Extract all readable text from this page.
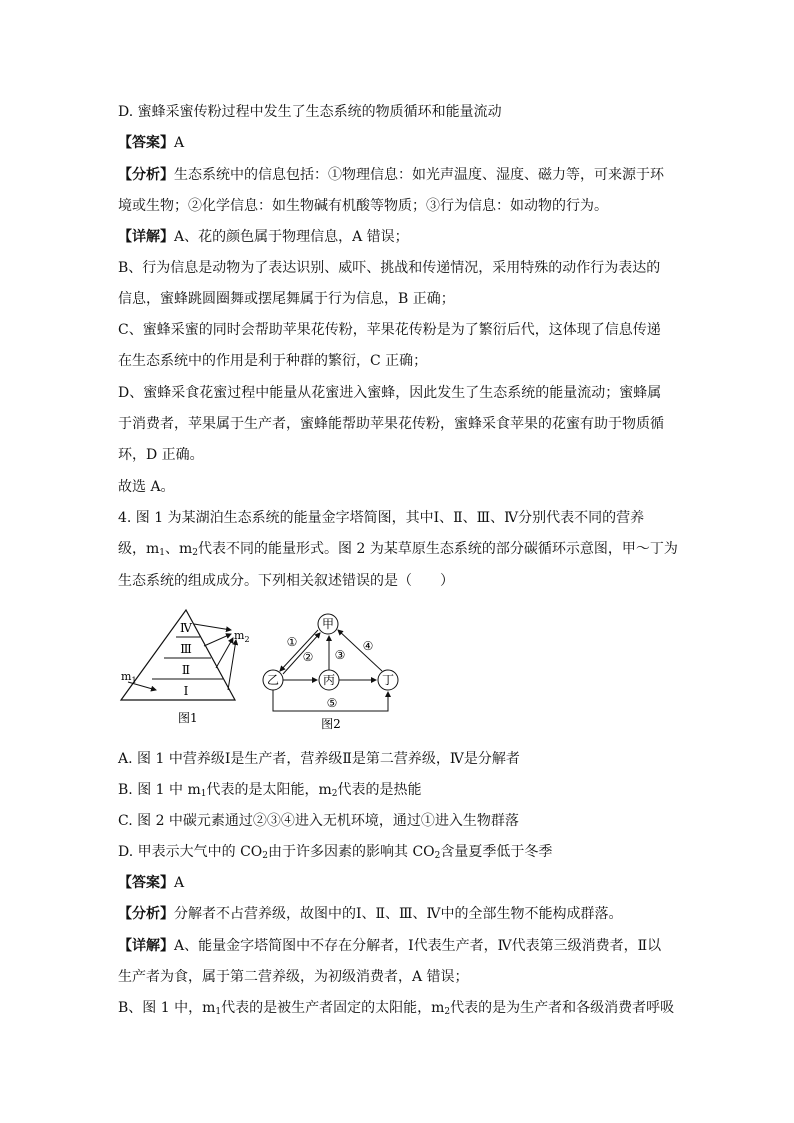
D. 蜜蜂采蜜传粉过程中发生了生态系统的物质循环和能量流动
【答案】A
【分析】生态系统中的信息包括：①物理信息：如光声温度、湿度、磁力等，可来源于环
境或生物；②化学信息：如生物碱有机酸等物质；③行为信息：如动物的行为。
【详解】A、花的颜色属于物理信息，A 错误；
B、行为信息是动物为了表达识别、威吓、挑战和传递情况，采用特殊的动作行为表达的
信息，蜜蜂跳圆圈舞或摆尾舞属于行为信息，B 正确；
C、蜜蜂采蜜的同时会帮助苹果花传粉，苹果花传粉是为了繁衍后代，这体现了信息传递
在生态系统中的作用是利于种群的繁衍，C 正确；
D、蜜蜂采食花蜜过程中能量从花蜜进入蜜蜂，因此发生了生态系统的能量流动；蜜蜂属
于消费者，苹果属于生产者，蜜蜂能帮助苹果花传粉，蜜蜂采食苹果的花蜜有助于物质循
环，D 正确。
故选 A。
4. 图 1 为某湖泊生态系统的能量金字塔简图，其中Ⅰ、Ⅱ、Ⅲ、Ⅳ分别代表不同的营养
级，$m_1$、$m_2$代表不同的能量形式。图 2 为某草原生态系统的部分碳循环示意图，甲～丁为
生态系统的组成成分。下列相关叙述错误的是（　　）
Ⅳ
Ⅲ
Ⅱ
Ⅰ
$m_2$
$m_1$
图1
甲
乙	丙	丁
①
② ③
④
⑤
图2
A. 图 1 中营养级Ⅰ是生产者，营养级Ⅱ是第二营养级，Ⅳ是分解者
B. 图 1 中 $m_1$代表的是太阳能，$m_2$代表的是热能
C. 图 2 中碳元素通过②③④进入无机环境，通过①进入生物群落
D. 甲表示大气中的 $CO_2$由于许多因素的影响其 $CO_2$含量夏季低于冬季
【答案】A
【分析】分解者不占营养级，故图中的Ⅰ、Ⅱ、Ⅲ、Ⅳ中的全部生物不能构成群落。
【详解】A、能量金字塔简图中不存在分解者，Ⅰ代表生产者，Ⅳ代表第三级消费者，Ⅱ以
生产者为食，属于第二营养级，为初级消费者，A 错误；
B、图 1 中，$m_1$代表的是被生产者固定的太阳能，$m_2$代表的是为生产者和各级消费者呼吸
